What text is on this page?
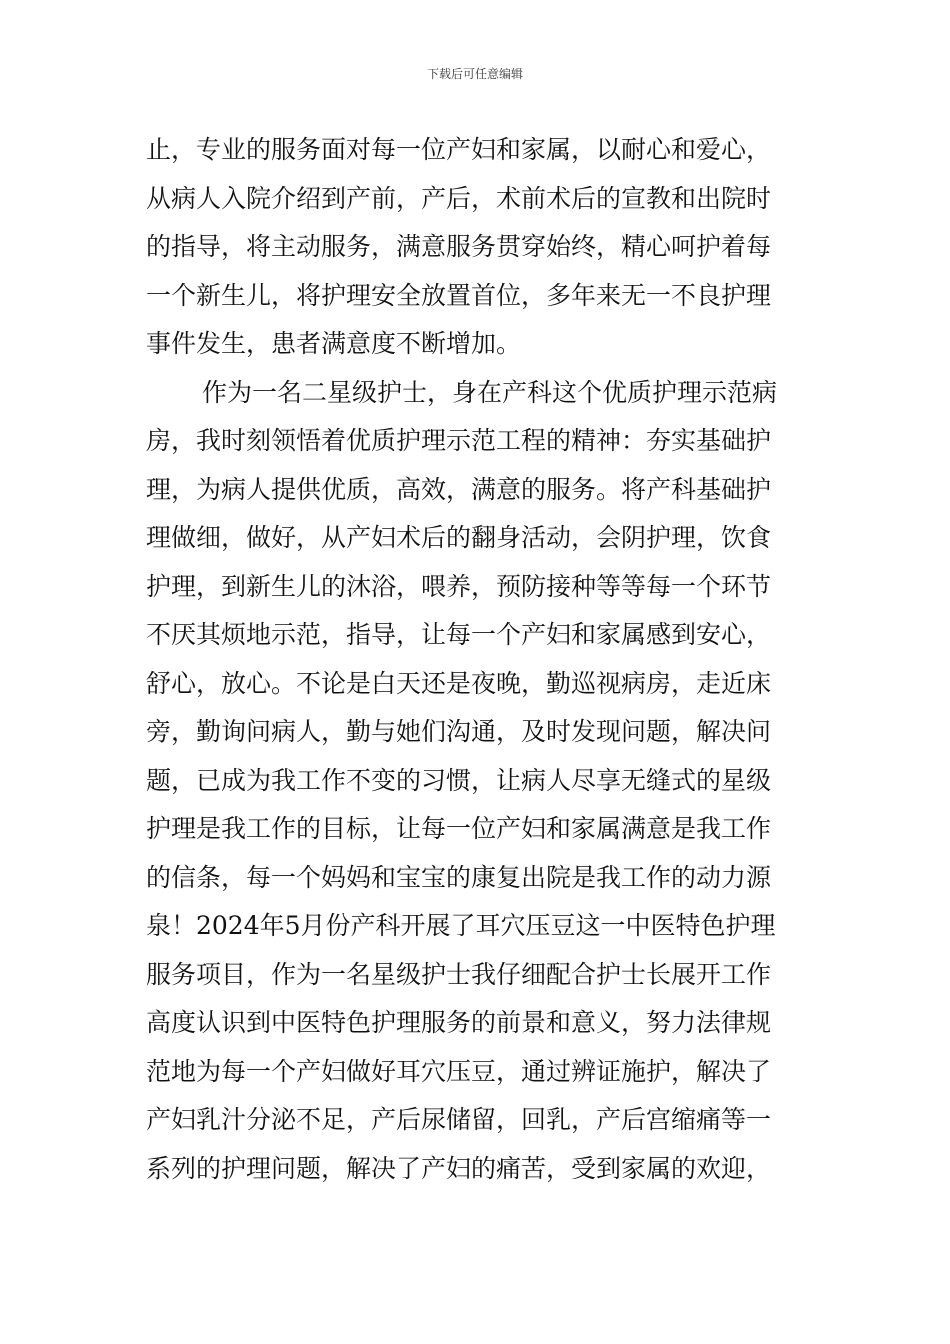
下载后可任意编辑
止，专业的服务面对每一位产妇和家属，以耐心和爱心，
从病人入院介绍到产前，产后，术前术后的宣教和出院时
的指导，将主动服务，满意服务贯穿始终，精心呵护着每
一个新生儿，将护理安全放置首位，多年来无一不良护理
事件发生，患者满意度不断增加。
作为一名二星级护士，身在产科这个优质护理示范病
房，我时刻领悟着优质护理示范工程的精神：夯实基础护
理，为病人提供优质，高效，满意的服务。将产科基础护
理做细，做好，从产妇术后的翻身活动，会阴护理，饮食
护理，到新生儿的沐浴，喂养，预防接种等等每一个环节
不厌其烦地示范，指导，让每一个产妇和家属感到安心，
舒心，放心。不论是白天还是夜晚，勤巡视病房，走近床
旁，勤询问病人，勤与她们沟通，及时发现问题，解决问
题，已成为我工作不变的习惯，让病人尽享无缝式的星级
护理是我工作的目标，让每一位产妇和家属满意是我工作
的信条，每一个妈妈和宝宝的康复出院是我工作的动力源
泉！2024年5月份产科开展了耳穴压豆这一中医特色护理
服务项目，作为一名星级护士我仔细配合护士长展开工作
高度认识到中医特色护理服务的前景和意义，努力法律规
范地为每一个产妇做好耳穴压豆，通过辨证施护，解决了
产妇乳汁分泌不足，产后尿储留，回乳，产后宫缩痛等一
系列的护理问题，解决了产妇的痛苦，受到家属的欢迎，
